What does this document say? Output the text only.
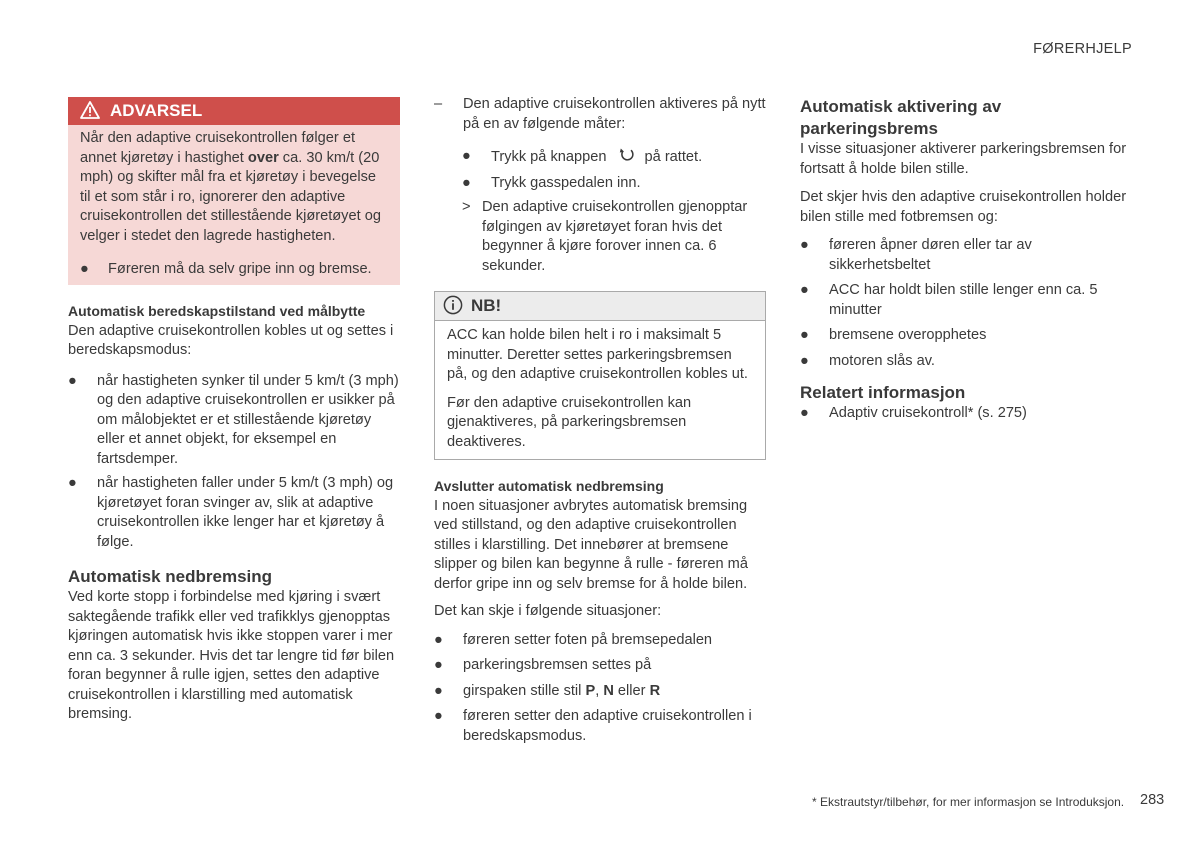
FØRERHJELP
ADVARSEL

Når den adaptive cruisekontrollen følger et annet kjøretøy i hastighet over ca. 30 km/t (20 mph) og skifter mål fra et kjøretøy i bevegelse til et som står i ro, ignorerer den adaptive cruisekontrollen det stillestående kjøretøyet og velger i stedet den lagrede hastigheten.

● Føreren må da selv gripe inn og bremse.

Automatisk beredskapstilstand ved målbytte

Den adaptive cruisekontrollen kobles ut og settes i beredskapsmodus:

● når hastigheten synker til under 5 km/t (3 mph) og den adaptive cruisekontrollen er usikker på om målobjektet er et stillestående kjøretøy eller et annet objekt, for eksempel en fartsdemper.
● når hastigheten faller under 5 km/t (3 mph) og kjøretøyet foran svinger av, slik at adaptive cruisekontrollen ikke lenger har et kjøretøy å følge.

Automatisk nedbremsing

Ved korte stopp i forbindelse med kjøring i svært saktegående trafikk eller ved trafikklys gjenopptas kjøringen automatisk hvis ikke stoppen varer i mer enn ca. 3 sekunder. Hvis det tar lengre tid før bilen foran begynner å rulle igjen, settes den adaptive cruisekontrollen i klarstilling med automatisk bremsing.

– Den adaptive cruisekontrollen aktiveres på nytt på en av følgende måter:
● Trykk på knappen	på rattet.
● Trykk gasspedalen inn.
> Den adaptive cruisekontrollen gjenopptar følgingen av kjøretøyet foran hvis det begynner å kjøre forover innen ca. 6 sekunder.
NB!

ACC kan holde bilen helt i ro i maksimalt 5 minutter. Deretter settes parkeringsbremsen på, og den adaptive cruisekontrollen kobles ut.

Før den adaptive cruisekontrollen kan gjenaktiveres, på parkeringsbremsen deaktiveres.

Avslutter automatisk nedbremsing

I noen situasjoner avbrytes automatisk bremsing ved stillstand, og den adaptive cruisekontrollen stilles i klarstilling. Det innebører at bremsene slipper og bilen kan begynne å rulle - føreren må derfor gripe inn og selv bremse for å holde bilen.

Det kan skje i følgende situasjoner:

● føreren setter foten på bremsepedalen
● parkeringsbremsen settes på
● girspaken stille stil P, N eller R
● føreren setter den adaptive cruisekontrollen i beredskapsmodus.

Automatisk aktivering av parkeringsbrems

I visse situasjoner aktiverer parkeringsbremsen for fortsatt å holde bilen stille.

Det skjer hvis den adaptive cruisekontrollen holder bilen stille med fotbremsen og:

● føreren åpner døren eller tar av sikkerhetsbeltet
● ACC har holdt bilen stille lenger enn ca. 5 minutter
● bremsene overopphetes
● motoren slås av.

Relatert informasjon

● Adaptiv cruisekontroll* (s. 275)
* Ekstrautstyr/tilbehør, for mer informasjon se Introduksjon. 283
